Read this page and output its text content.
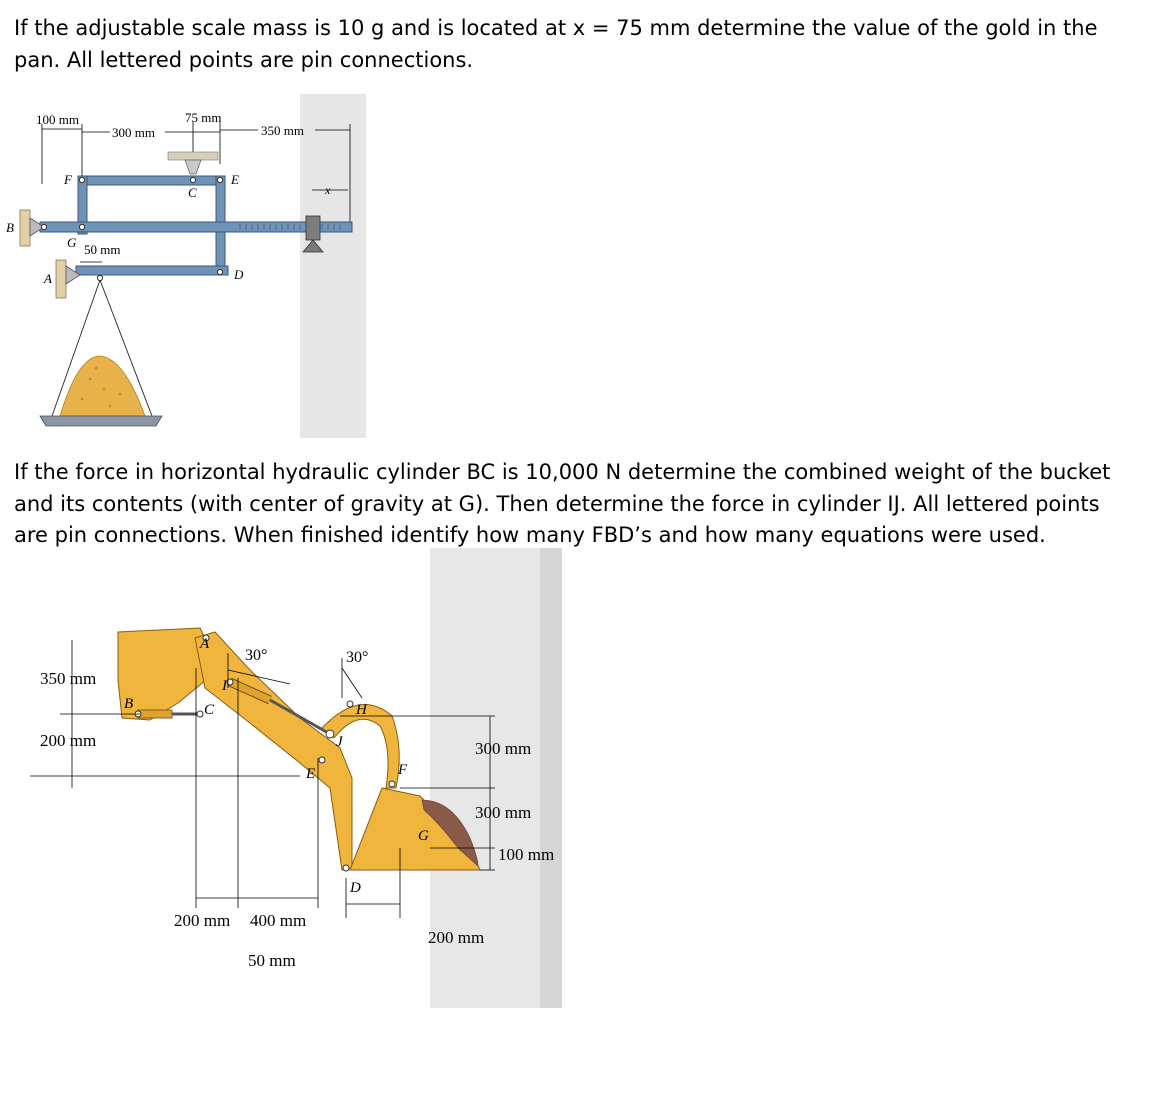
If the adjustable scale mass is 10 g and is located at x = 75 mm determine the value of the gold in the pan. All lettered points are pin connections.

100 mm
300 mm
75 mm
350 mm
50 mm
x
F	E
C
B
G
D
A

If the force in horizontal hydraulic cylinder BC is 10,000 N determine the combined weight of the bucket and its contents (with center of gravity at G). Then determine the force in cylinder IJ. All lettered points are pin connections. When finished identify how many FBD’s and how many equations were used.

350 mm
200 mm
30°	30°
300 mm
300 mm
100 mm
200 mm 400 mm
50 mm
200 mm
A
B	C
I
J
E
H
F
G
D
